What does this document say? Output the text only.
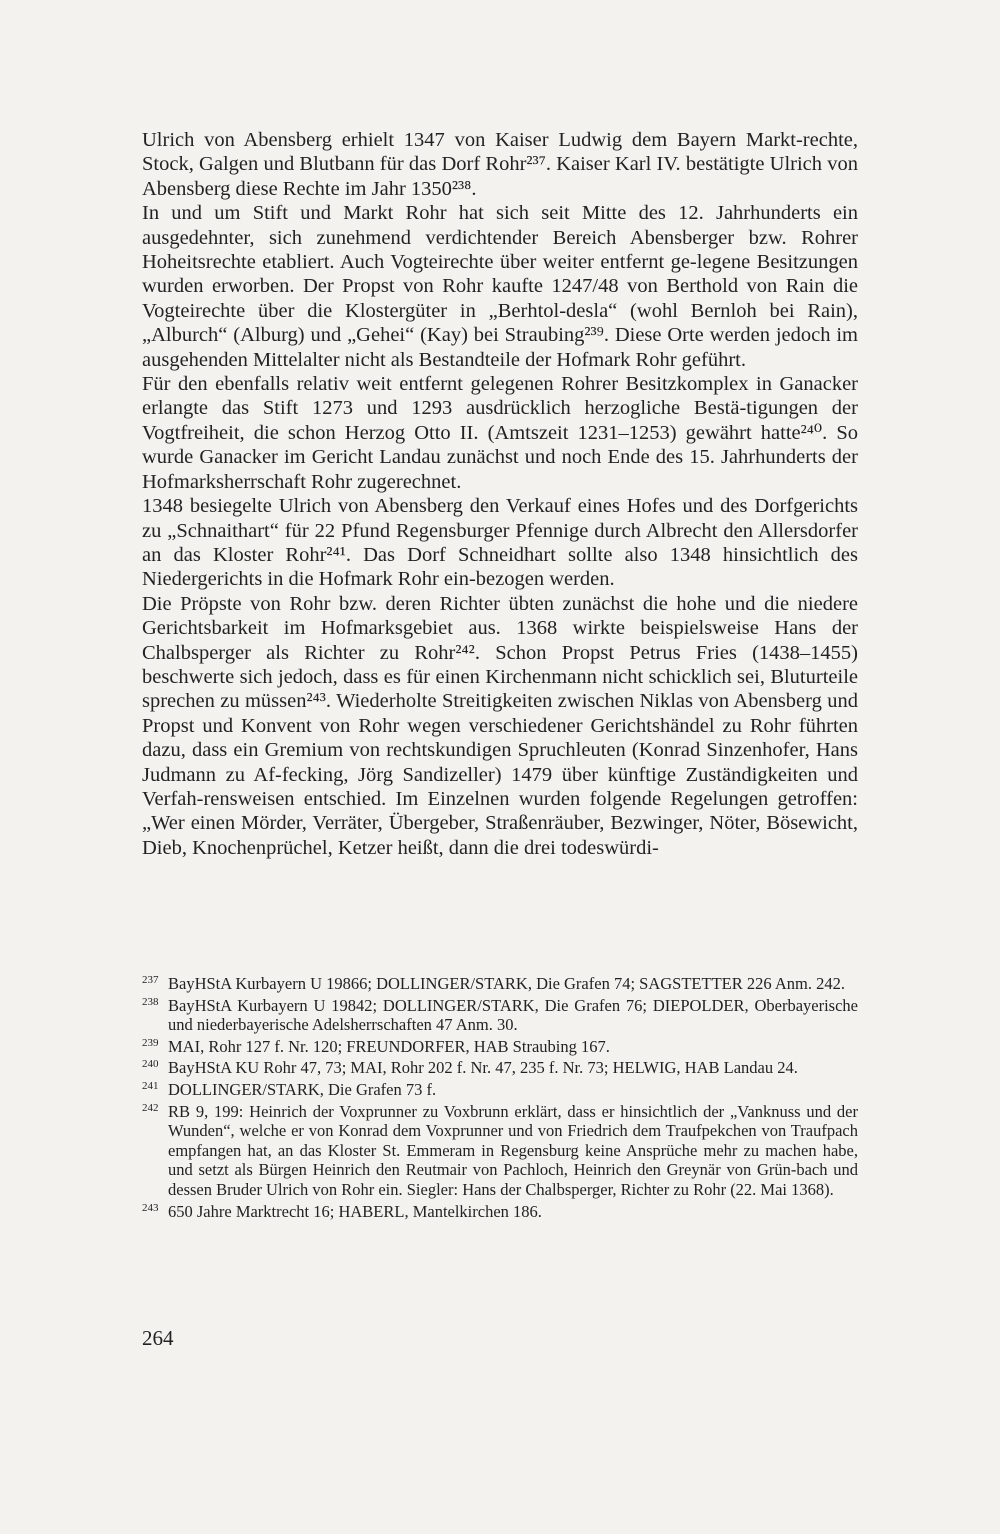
Ulrich von Abensberg erhielt 1347 von Kaiser Ludwig dem Bayern Markt-rechte, Stock, Galgen und Blutbann für das Dorf Rohr²³⁷. Kaiser Karl IV. bestätigte Ulrich von Abensberg diese Rechte im Jahr 1350²³⁸.

In und um Stift und Markt Rohr hat sich seit Mitte des 12. Jahrhunderts ein ausgedehnter, sich zunehmend verdichtender Bereich Abensberger bzw. Rohrer Hoheitsrechte etabliert. Auch Vogteirechte über weiter entfernt ge-legene Besitzungen wurden erworben. Der Propst von Rohr kaufte 1247/48 von Berthold von Rain die Vogteirechte über die Klostergüter in „Berhtol-desla“ (wohl Bernloh bei Rain), „Alburch“ (Alburg) und „Gehei“ (Kay) bei Straubing²³⁹. Diese Orte werden jedoch im ausgehenden Mittelalter nicht als Bestandteile der Hofmark Rohr geführt.

Für den ebenfalls relativ weit entfernt gelegenen Rohrer Besitzkomplex in Ganacker erlangte das Stift 1273 und 1293 ausdrücklich herzogliche Bestä-tigungen der Vogtfreiheit, die schon Herzog Otto II. (Amtszeit 1231–1253) gewährt hatte²⁴⁰. So wurde Ganacker im Gericht Landau zunächst und noch Ende des 15. Jahrhunderts der Hofmarksherrschaft Rohr zugerechnet.

1348 besiegelte Ulrich von Abensberg den Verkauf eines Hofes und des Dorfgerichts zu „Schnaithart“ für 22 Pfund Regensburger Pfennige durch Albrecht den Allersdorfer an das Kloster Rohr²⁴¹. Das Dorf Schneidhart sollte also 1348 hinsichtlich des Niedergerichts in die Hofmark Rohr ein-bezogen werden.

Die Pröpste von Rohr bzw. deren Richter übten zunächst die hohe und die niedere Gerichtsbarkeit im Hofmarksgebiet aus. 1368 wirkte beispielsweise Hans der Chalbsperger als Richter zu Rohr²⁴². Schon Propst Petrus Fries (1438–1455) beschwerte sich jedoch, dass es für einen Kirchenmann nicht schicklich sei, Bluturteile sprechen zu müssen²⁴³. Wiederholte Streitigkeiten zwischen Niklas von Abensberg und Propst und Konvent von Rohr wegen verschiedener Gerichtshändel zu Rohr führten dazu, dass ein Gremium von rechtskundigen Spruchleuten (Konrad Sinzenhofer, Hans Judmann zu Af-fecking, Jörg Sandizeller) 1479 über künftige Zuständigkeiten und Verfah-rensweisen entschied. Im Einzelnen wurden folgende Regelungen getroffen: „Wer einen Mörder, Verräter, Übergeber, Straßenräuber, Bezwinger, Nöter, Bösewicht, Dieb, Knochenprüchel, Ketzer heißt, dann die drei todeswürdi-

237 BayHStA Kurbayern U 19866; DOLLINGER/STARK, Die Grafen 74; SAGSTETTER 226 Anm. 242.
238 BayHStA Kurbayern U 19842; DOLLINGER/STARK, Die Grafen 76; DIEPOLDER, Oberbayerische und niederbayerische Adelsherrschaften 47 Anm. 30.
239 MAI, Rohr 127 f. Nr. 120; FREUNDORFER, HAB Straubing 167.
240 BayHStA KU Rohr 47, 73; MAI, Rohr 202 f. Nr. 47, 235 f. Nr. 73; HELWIG, HAB Landau 24.
241 DOLLINGER/STARK, Die Grafen 73 f.
242 RB 9, 199: Heinrich der Voxprunner zu Voxbrunn erklärt, dass er hinsichtlich der „Vanknuss und der Wunden“, welche er von Konrad dem Voxprunner und von Friedrich dem Traufpekchen von Traufpach empfangen hat, an das Kloster St. Emmeram in Regensburg keine Ansprüche mehr zu machen habe, und setzt als Bürgen Heinrich den Reutmair von Pachloch, Heinrich den Greynär von Grün-bach und dessen Bruder Ulrich von Rohr ein. Siegler: Hans der Chalbsperger, Richter zu Rohr (22. Mai 1368).
243 650 Jahre Marktrecht 16; HABERL, Mantelkirchen 186.
264
